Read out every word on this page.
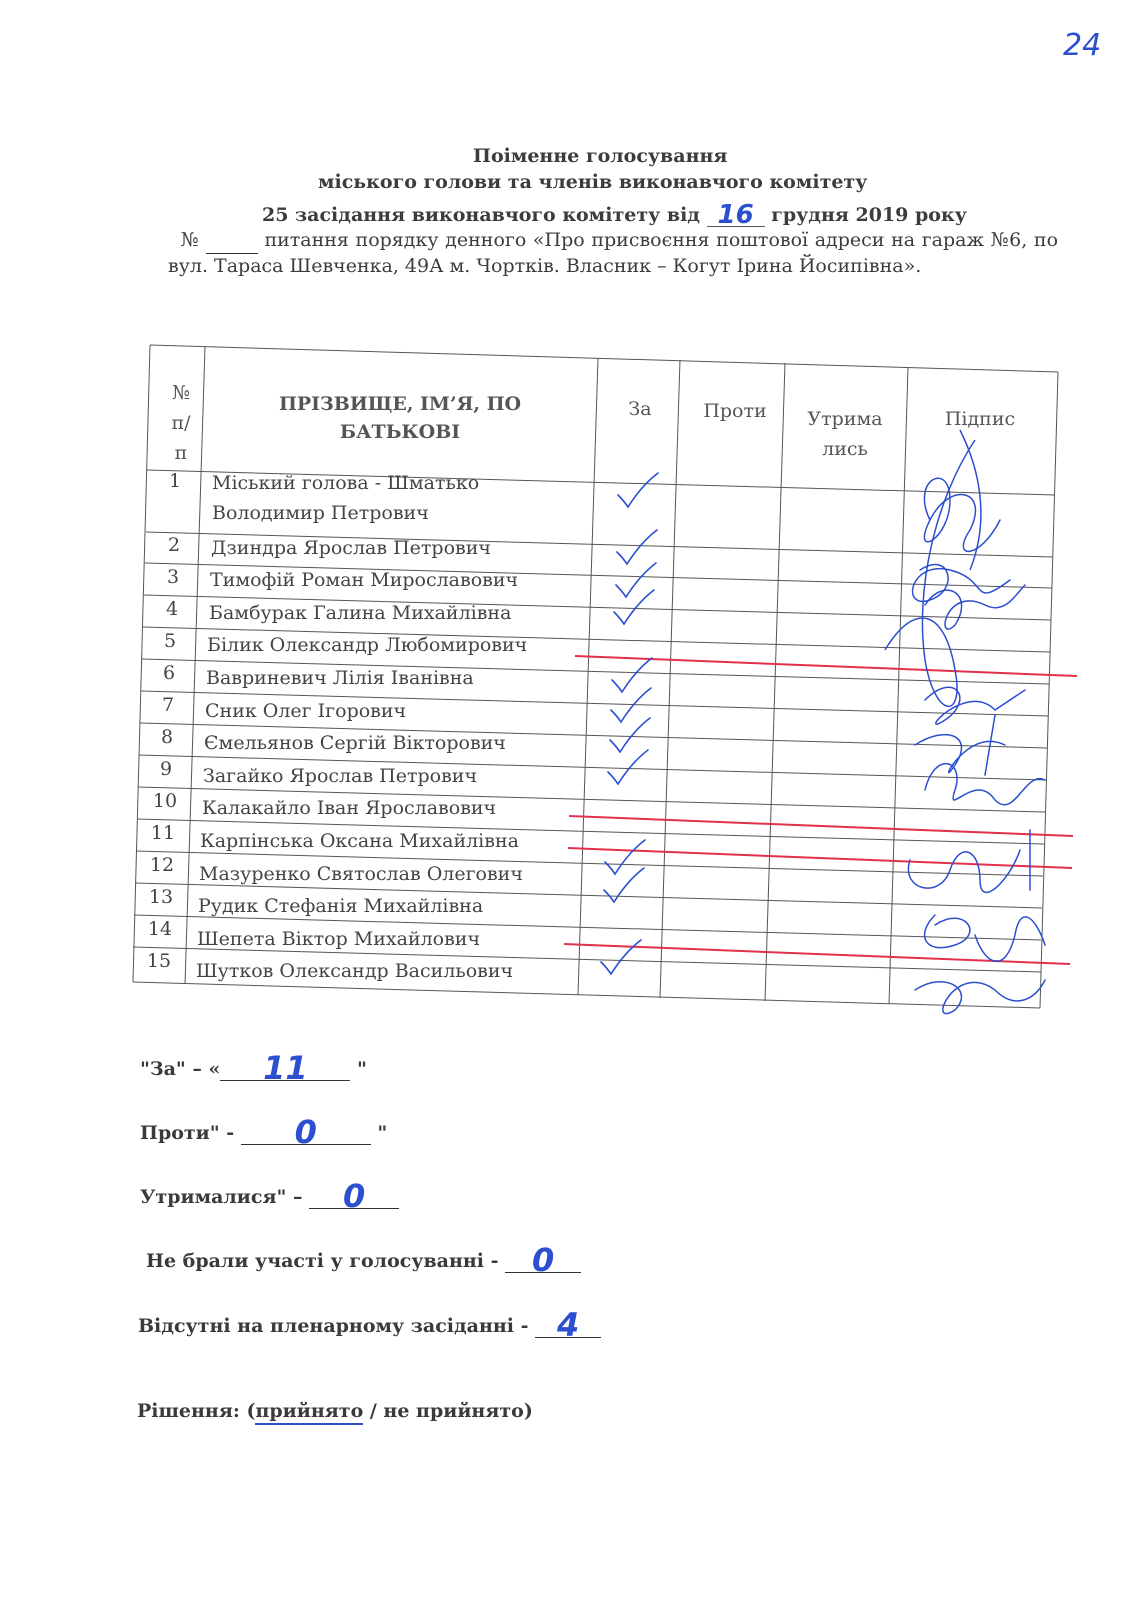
24
Поіменне голосування
міського голови та членів виконавчого комітету
25 засідання виконавчого комітету від 16 грудня 2019 року
№	питання порядку денного «Про присвоєння поштової адреси на гараж №6, по вул. Тараса Шевченка, 49А м. Чортків. Власник – Когут Ірина Йосипівна».
№ п/ п
ПРІЗВИЩЕ, ІМ’Я, ПО БАТЬКОВІ
За	Проти	Утрима лись
Підпис
1	Міський голова - Шматько
Володимир Петрович
2	Дзиндра Ярослав Петрович
3	Тимофій Роман Мирославович
4	Бамбурак Галина Михайлівна
5	Білик Олександр Любомирович
6	Вавриневич Лілія Іванівна
7	Сник Олег Ігорович
8	Ємельянов Сергій Вікторович
9	Загайко Ярослав Петрович
10 Калакайло Іван Ярославович
11 Карпінська Оксана Михайлівна
12 Мазуренко Святослав Олегович
13 Рудик Стефанія Михайлівна
14 Шепета Віктор Михайлович
15 Шутков Олександр Васильович
"За" – « 11	"
Проти" - 0	"
Утрималися" – 0
Не брали участі у голосуванні - 0
Відсутні на пленарному засіданні - 4
Рішення: (прийнято / не прийнято)
